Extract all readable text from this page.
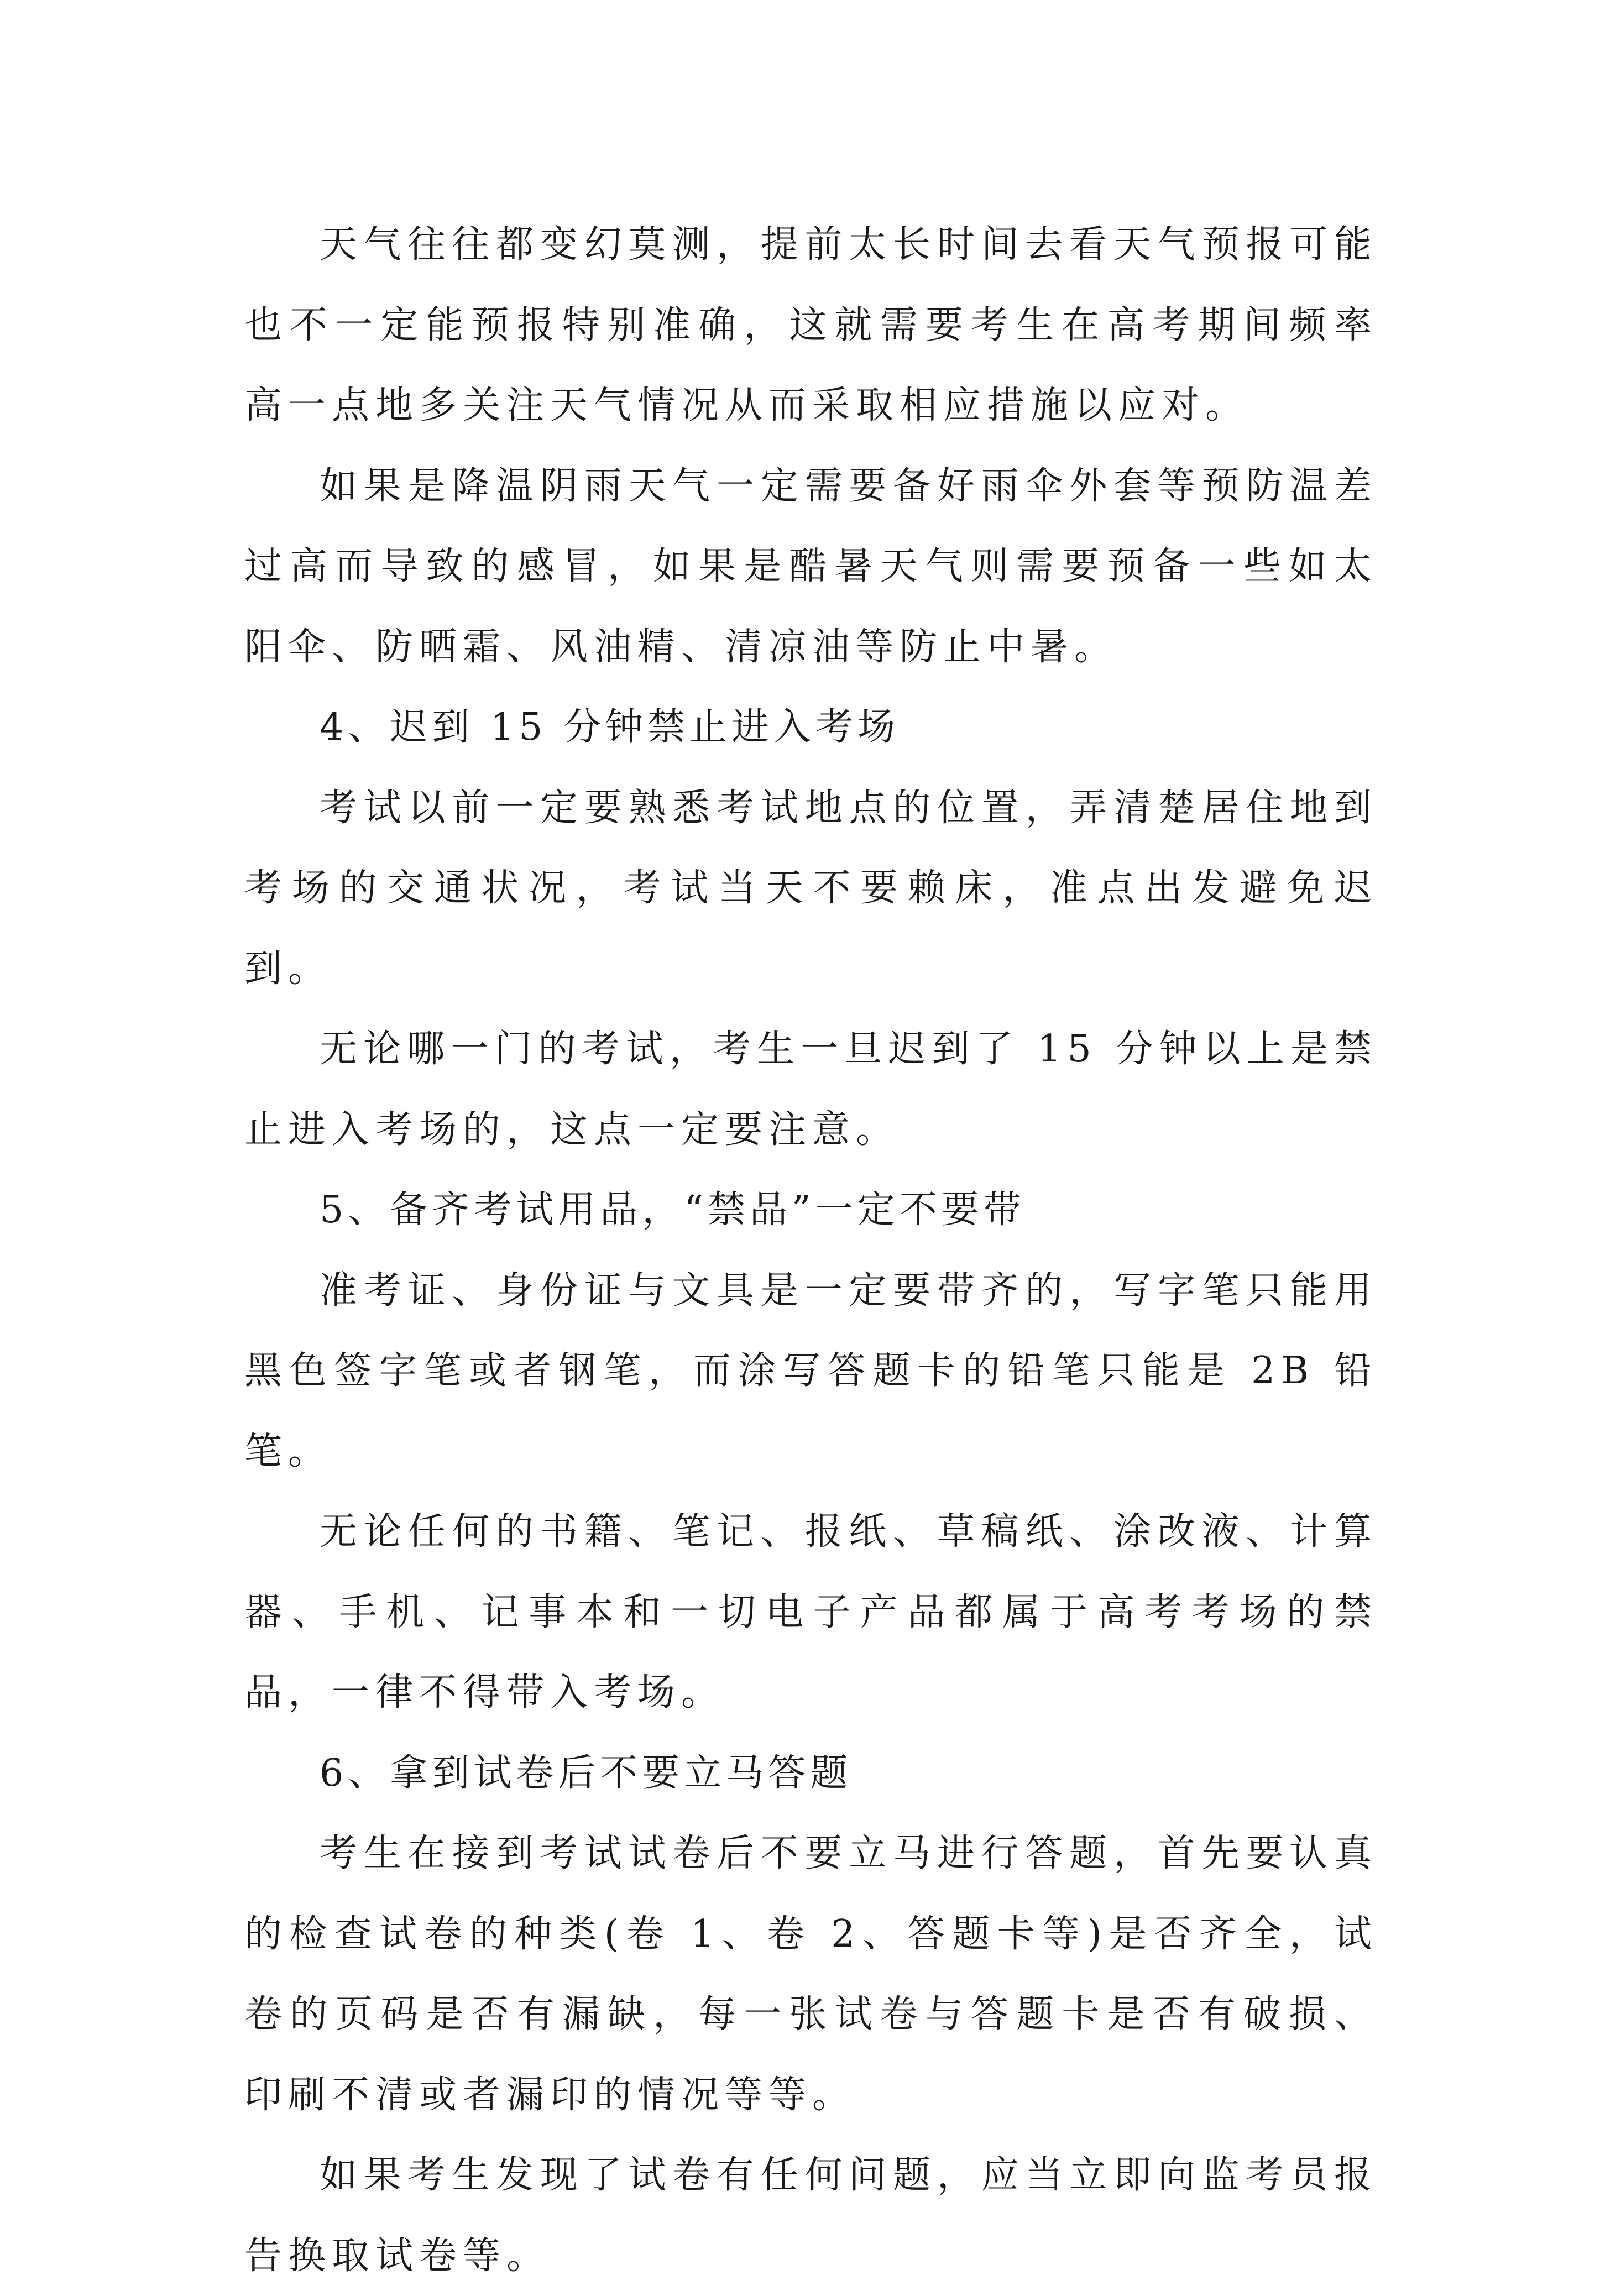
天气往往都变幻莫测，提前太长时间去看天气预报可能也不一定能预报特别准确，这就需要考生在高考期间频率高一点地多关注天气情况从而采取相应措施以应对。

如果是降温阴雨天气一定需要备好雨伞外套等预防温差过高而导致的感冒，如果是酷暑天气则需要预备一些如太阳伞、防晒霜、风油精、清凉油等防止中暑。

4、迟到 15 分钟禁止进入考场

考试以前一定要熟悉考试地点的位置，弄清楚居住地到考场的交通状况，考试当天不要赖床，准点出发避免迟到。

无论哪一门的考试，考生一旦迟到了 15 分钟以上是禁止进入考场的，这点一定要注意。

5、备齐考试用品，“禁品”一定不要带

准考证、身份证与文具是一定要带齐的，写字笔只能用黑色签字笔或者钢笔，而涂写答题卡的铅笔只能是 2B 铅笔。

无论任何的书籍、笔记、报纸、草稿纸、涂改液、计算器、手机、记事本和一切电子产品都属于高考考场的禁品，一律不得带入考场。

6、拿到试卷后不要立马答题

考生在接到考试试卷后不要立马进行答题，首先要认真的检查试卷的种类(卷 1、卷 2、答题卡等)是否齐全，试卷的页码是否有漏缺，每一张试卷与答题卡是否有破损、印刷不清或者漏印的情况等等。

如果考生发现了试卷有任何问题，应当立即向监考员报告换取试卷等。
